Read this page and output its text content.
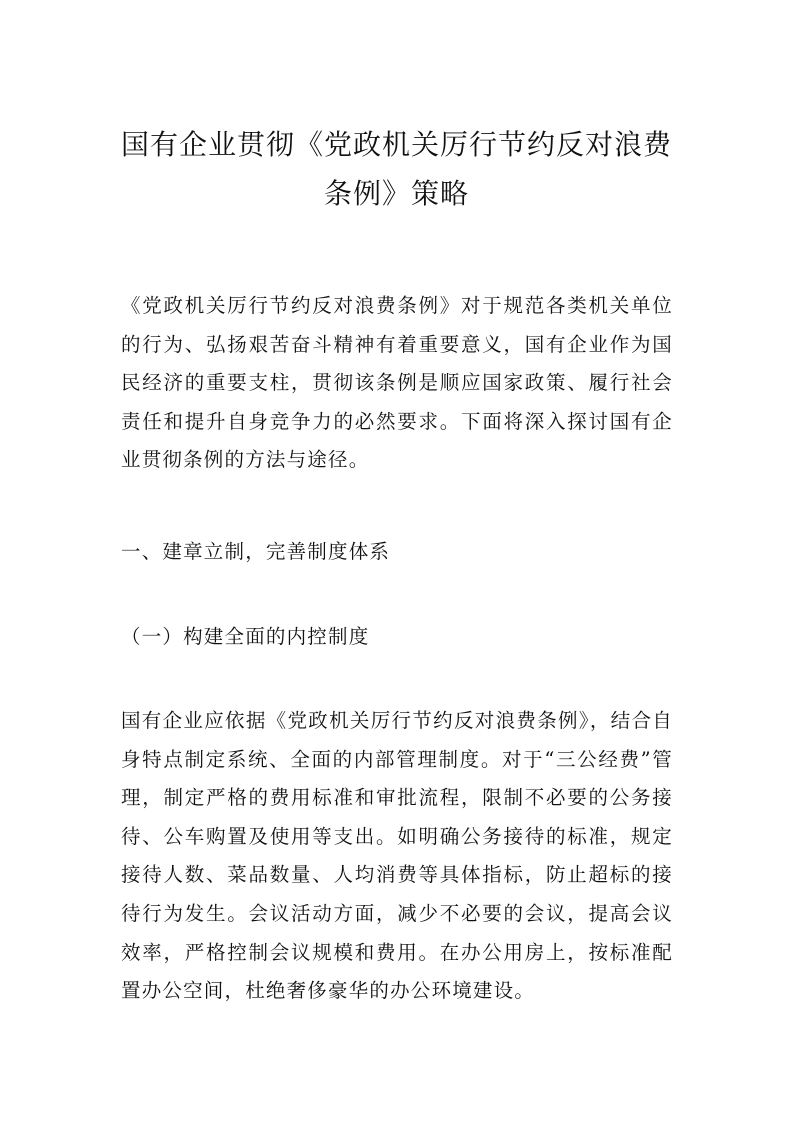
国有企业贯彻《党政机关厉行节约反对浪费
条例》策略

《党政机关厉行节约反对浪费条例》对于规范各类机关单位的行为、弘扬艰苦奋斗精神有着重要意义，国有企业作为国民经济的重要支柱，贯彻该条例是顺应国家政策、履行社会责任和提升自身竞争力的必然要求。下面将深入探讨国有企业贯彻条例的方法与途径。

一、建章立制，完善制度体系

（一）构建全面的内控制度

国有企业应依据《党政机关厉行节约反对浪费条例》，结合自身特点制定系统、全面的内部管理制度。对于“三公经费”管理，制定严格的费用标准和审批流程，限制不必要的公务接待、公车购置及使用等支出。如明确公务接待的标准，规定接待人数、菜品数量、人均消费等具体指标，防止超标的接待行为发生。会议活动方面，减少不必要的会议，提高会议效率，严格控制会议规模和费用。在办公用房上，按标准配置办公空间，杜绝奢侈豪华的办公环境建设。
